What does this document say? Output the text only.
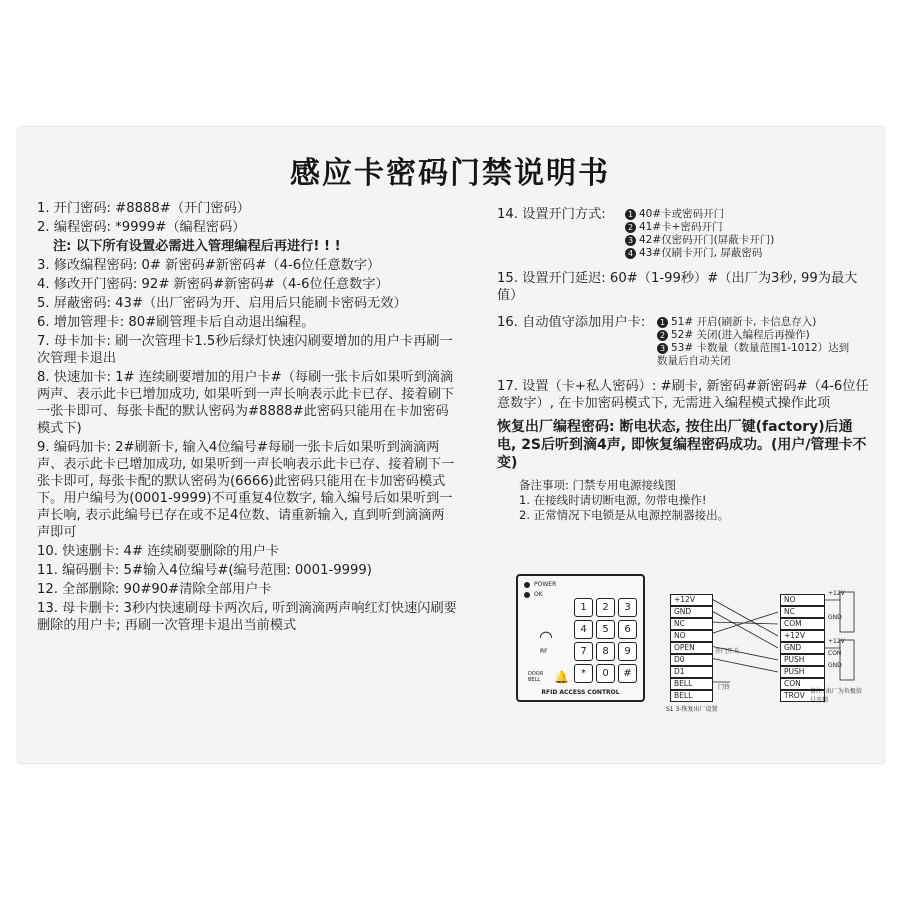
感应卡密码门禁说明书
1. 开门密码: #8888#（开门密码）
2. 编程密码: *9999#（编程密码）
注: 以下所有设置必需进入管理编程后再进行! ! !
3. 修改编程密码: 0# 新密码#新密码#（4-6位任意数字）
4. 修改开门密码: 92# 新密码#新密码#（4-6位任意数字）
5. 屏蔽密码: 43#（出厂密码为开、启用后只能刷卡密码无效）
6. 增加管理卡: 80#刷管理卡后自动退出编程。
7. 母卡加卡: 刷一次管理卡1.5秒后绿灯快速闪刷要增加的用户卡再刷一次管理卡退出
8. 快速加卡: 1# 连续刷要增加的用户卡#（每刷一张卡后如果听到滴滴两声、表示此卡已增加成功, 如果听到一声长响表示此卡已存、接着刷下一张卡即可、每张卡配的默认密码为#8888#此密码只能用在卡加密码模式下)
9. 编码加卡: 2#刷新卡, 输入4位编号#每刷一张卡后如果听到滴滴两声、表示此卡已增加成功, 如果听到一声长响表示此卡已存、接着刷下一张卡即可, 每张卡配的默认密码为(6666)此密码只能用在卡加密码模式下。用户编号为(0001-9999)不可重复4位数字, 输入编号后如果听到一声长响, 表示此编号已存在或不足4位数、请重新输入, 直到听到滴滴两声即可
10. 快速删卡: 4# 连续刷要删除的用户卡
11. 编码删卡: 5#输入4位编号#(编号范围: 0001-9999)
12. 全部删除: 90#90#清除全部用户卡
13. 母卡删卡: 3秒内快速刷母卡两次后, 听到滴滴两声响红灯快速闪刷要删除的用户卡; 再刷一次管理卡退出当前模式
14. 设置开门方式:	1 40#卡或密码开门
2 41#卡+密码开门
3 42#仅密码开门(屏蔽卡开门)
4 43#仅刷卡开门, 屏蔽密码
15. 设置开门延迟: 60#（1-99秒）#（出厂为3秒, 99为最大值）
16. 自动值守添加用户卡:	1 51# 开启(刷新卡, 卡信息存入)
2 52# 关闭(进入编程后再操作)
3 53# 卡数量（数量范围1-1012）达到数量后自动关闭
17. 设置（卡+私人密码）: #刷卡, 新密码#新密码#（4-6位任意数字）, 在卡加密码模式下, 无需进入编程模式操作此项
恢复出厂编程密码: 断电状态, 按住出厂键(factory)后通电, 2S后听到滴4声, 即恢复编程密码成功。(用户/管理卡不变)
备注事项: 门禁专用电源接线图
1. 在接线时请切断电源, 勿带电操作!
2. 正常情况下电锁是从电源控制器接出。
POWER
OK
◠
RF
DOOR BELL	🔔
1	2	3
4	5	6
7	8	9
*	0	#
RFID ACCESS CONTROL
+12V
GND
NC
NO
OPEN
D0
D1
BELL
BELL
NO
NC
COM
+12V
GND
PUSH
PUSH
CON
TROV
+12V
GND
+12V
CON
GND
开门开关
门铃
S1 3-恢复出厂设置
备注: 出厂为负极信号开锁
